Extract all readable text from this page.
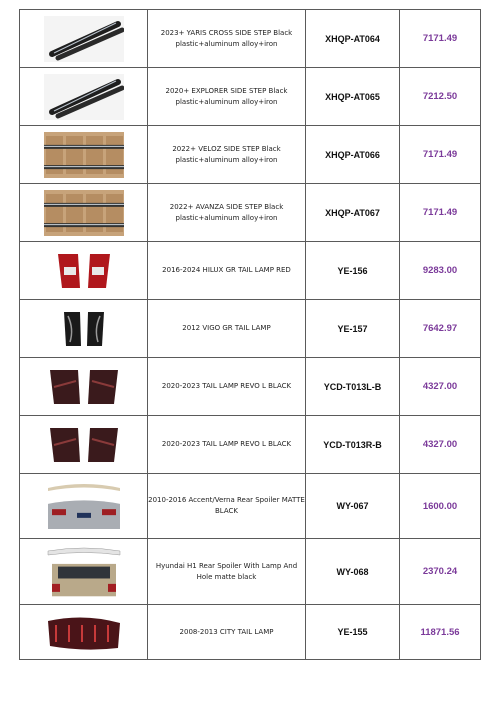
	2023+ YARIS CROSS SIDE STEP Black plastic+aluminum alloy+iron	XHQP-AT064	7171.49

	2020+ EXPLORER SIDE STEP Black plastic+aluminum alloy+iron	XHQP-AT065	7212.50

	2022+ VELOZ SIDE STEP Black plastic+aluminum alloy+iron	XHQP-AT066	7171.49

	2022+ AVANZA SIDE STEP Black plastic+aluminum alloy+iron	XHQP-AT067	7171.49

	2016-2024 HILUX GR TAIL LAMP RED	YE-156	9283.00

	2012 VIGO GR TAIL LAMP	YE-157	7642.97

	2020-2023 TAIL LAMP REVO L BLACK	YCD-T013L-B	4327.00

	2020-2023 TAIL LAMP REVO L BLACK	YCD-T013R-B	4327.00

	2010-2016 Accent/Verna Rear Spoiler MATTE BLACK	WY-067	1600.00

	Hyundai H1 Rear Spoiler With Lamp And Hole matte black	WY-068	2370.24

	2008-2013 CITY TAIL LAMP	YE-155	11871.56
